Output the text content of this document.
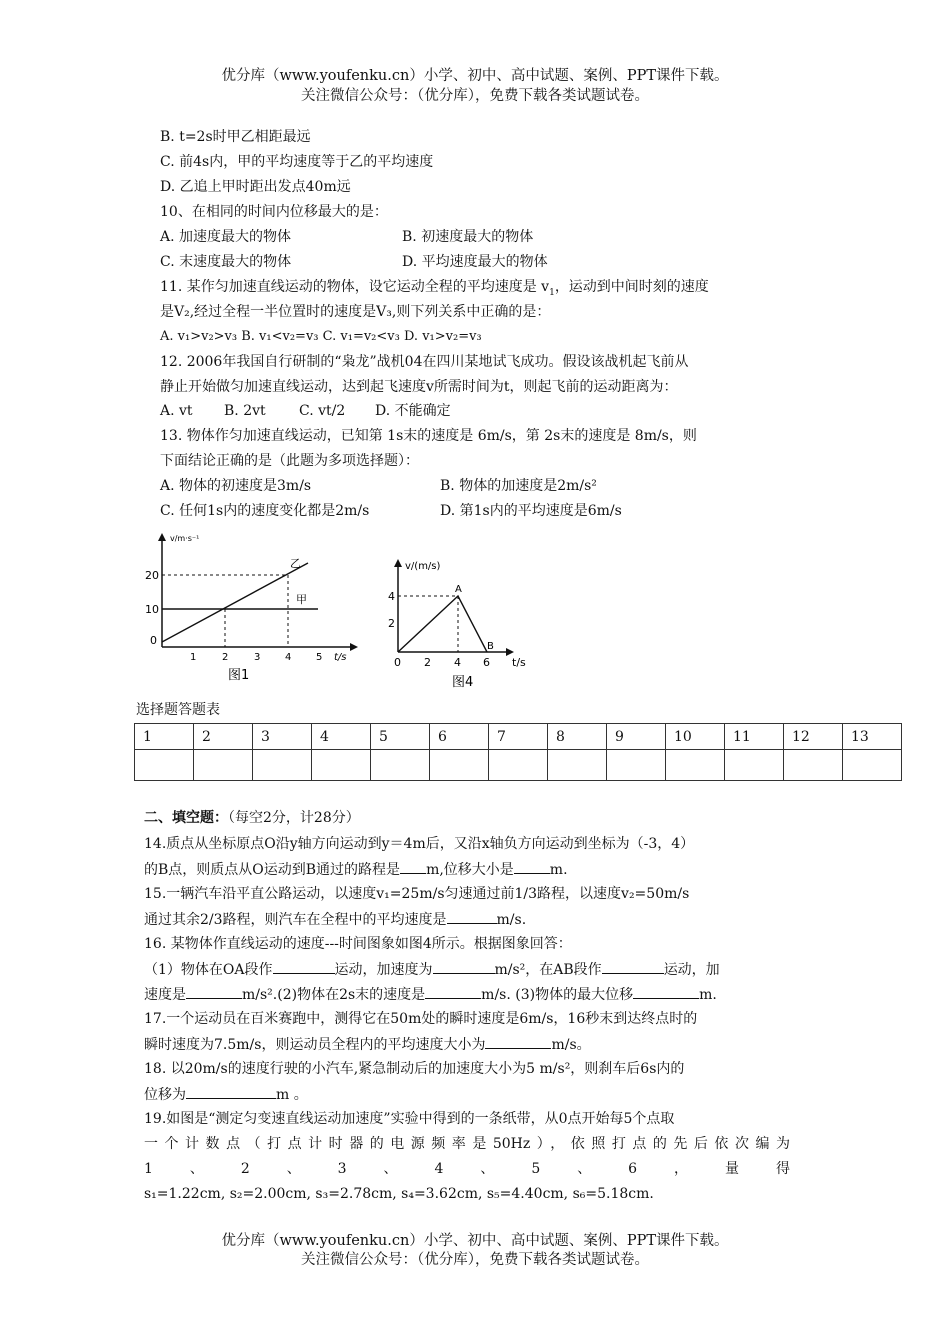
优分库（www.youfenku.cn）小学、初中、高中试题、案例、PPT课件下载。
关注微信公众号：（优分库），免费下载各类试题试卷。
B. t=2s时甲乙相距最远
C. 前4s内，甲的平均速度等于乙的平均速度
D. 乙追上甲时距出发点40m远
10、在相同的时间内位移最大的是：
A. 加速度最大的物体	B. 初速度最大的物体
C. 末速度最大的物体	D. 平均速度最大的物体
11. 某作匀加速直线运动的物体，设它运动全程的平均速度是 $v_1$，运动到中间时刻的速度
是V₂,经过全程一半位置时的速度是V₃,则下列关系中正确的是：
A. v₁>v₂>v₃ B. v₁<v₂=v₃ C. v₁=v₂<v₃ D. v₁>v₂=v₃
12. 2006年我国自行研制的“枭龙”战机04在四川某地试飞成功。假设该战机起飞前从
静止开始做匀加速直线运动，达到起飞速度v所需时间为t，则起飞前的运动距离为：
A. vt B. 2vt C. vt/2 D. 不能确定
13. 物体作匀加速直线运动，已知第 1s末的速度是 6m/s，第 2s末的速度是 8m/s，则
下面结论正确的是（此题为多项选择题）：
A. 物体的初速度是3m/s	B. 物体的加速度是2m/s²
C. 任何1s内的速度变化都是2m/s	D. 第1s内的平均速度是6m/s
v/m·s⁻¹
20
10
0
1	2	3 4 5 t/s
甲
乙
图1
v/(m/s)
4
2
0 2 4 6 t/s
A
B
图4
选择题答题表
1	2	3	4	5	6	7	8	9	10	11	12	13

二、填空题：（每空2分，计28分）
14.质点从坐标原点O沿y轴方向运动到y＝4m后，又沿x轴负方向运动到坐标为（-3，4）
的B点，则质点从O运动到B通过的路程是 m,位移大小是	m.
15.一辆汽车沿平直公路运动，以速度v₁=25m/s匀速通过前1/3路程，以速度v₂=50m/s
通过其余2/3路程，则汽车在全程中的平均速度是	m/s.
16. 某物体作直线运动的速度---时间图象如图4所示。根据图象回答：
（1）物体在OA段作	运动，加速度为	m/s²，在AB段作	运动，加
速度是	m/s².(2)物体在2s末的速度是	m/s. (3)物体的最大位移	m.
17.一个运动员在百米赛跑中，测得它在50m处的瞬时速度是6m/s，16秒末到达终点时的
瞬时速度为7.5m/s，则运动员全程内的平均速度大小为	m/s。
18. 以20m/s的速度行驶的小汽车,紧急制动后的加速度大小为5 m/s²，则刹车后6s内的
位移为	m 。
19.如图是“测定匀变速直线运动加速度”实验中得到的一条纸带，从0点开始每5个点取
一个计数点（打点计时器的电源频率是50Hz），依照打点的先后依次编为
1、2、3、4、5、6，量得
s₁=1.22cm, s₂=2.00cm, s₃=2.78cm, s₄=3.62cm, s₅=4.40cm, s₆=5.18cm.
优分库（www.youfenku.cn）小学、初中、高中试题、案例、PPT课件下载。
关注微信公众号：（优分库），免费下载各类试题试卷。
